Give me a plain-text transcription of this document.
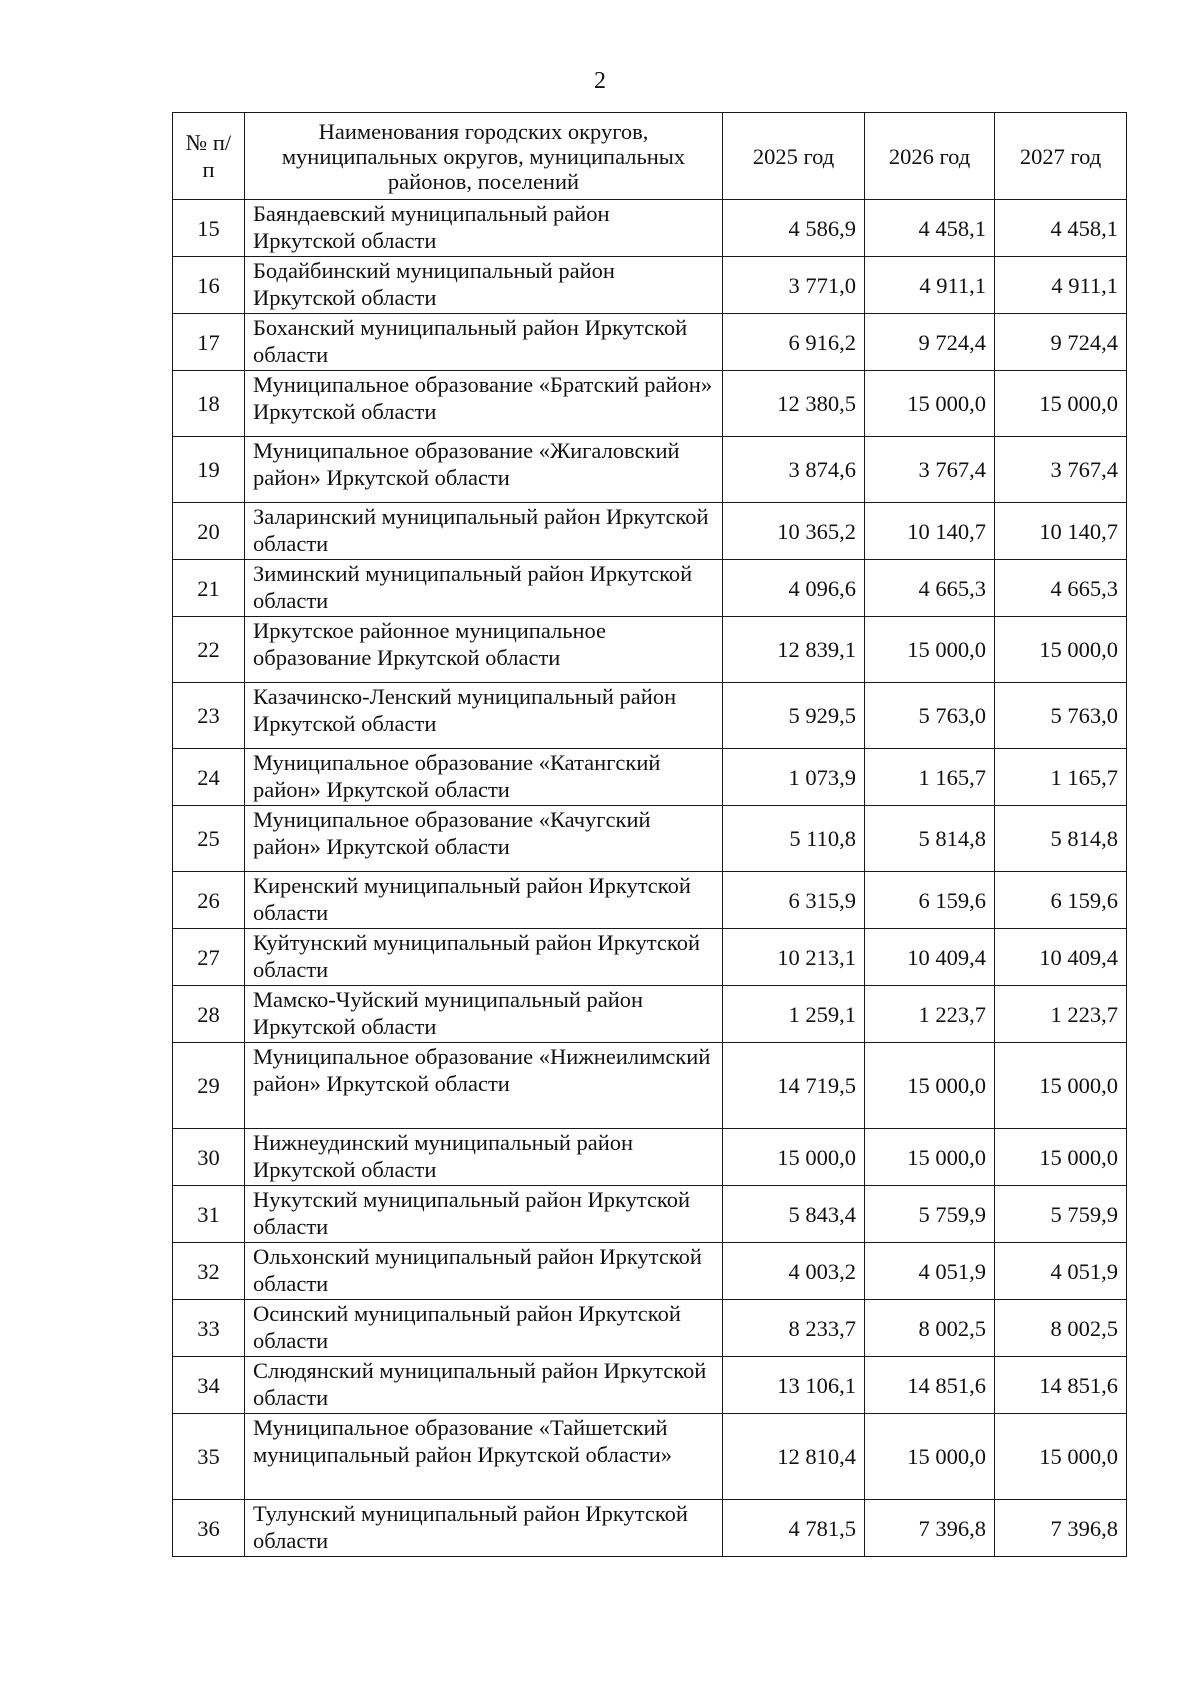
2
№ п/п	Наименования городских округов, муниципальных округов, муниципальных районов, поселений	2025 год	2026 год	2027 год
15	Баяндаевский муниципальный район Иркутской области	4 586,9	4 458,1	4 458,1
16	Бодайбинский муниципальный район Иркутской области	3 771,0	4 911,1	4 911,1
17	Боханский муниципальный район Иркутской области	6 916,2	9 724,4	9 724,4
18	Муниципальное образование «Братский район» Иркутской области	12 380,5	15 000,0	15 000,0
19	Муниципальное образование «Жигаловский район» Иркутской области	3 874,6	3 767,4	3 767,4
20	Заларинский муниципальный район Иркутской области	10 365,2	10 140,7	10 140,7
21	Зиминский муниципальный район Иркутской области	4 096,6	4 665,3	4 665,3
22	Иркутское районное муниципальное образование Иркутской области	12 839,1	15 000,0	15 000,0
23	Казачинско-Ленский муниципальный район Иркутской области	5 929,5	5 763,0	5 763,0
24	Муниципальное образование «Катангский район» Иркутской области	1 073,9	1 165,7	1 165,7
25	Муниципальное образование «Качугский район» Иркутской области	5 110,8	5 814,8	5 814,8
26	Киренский муниципальный район Иркутской области	6 315,9	6 159,6	6 159,6
27	Куйтунский муниципальный район Иркутской области	10 213,1	10 409,4	10 409,4
28	Мамско-Чуйский муниципальный район Иркутской области	1 259,1	1 223,7	1 223,7
29	Муниципальное образование «Нижнеилимский район» Иркутской области	14 719,5	15 000,0	15 000,0
30	Нижнеудинский муниципальный район Иркутской области	15 000,0	15 000,0	15 000,0
31	Нукутский муниципальный район Иркутской области	5 843,4	5 759,9	5 759,9
32	Ольхонский муниципальный район Иркутской области	4 003,2	4 051,9	4 051,9
33	Осинский муниципальный район Иркутской области	8 233,7	8 002,5	8 002,5
34	Слюдянский муниципальный район Иркутской области	13 106,1	14 851,6	14 851,6
35	Муниципальное образование «Тайшетский муниципальный район Иркутской области»	12 810,4	15 000,0	15 000,0
36	Тулунский муниципальный район Иркутской области	4 781,5	7 396,8	7 396,8
